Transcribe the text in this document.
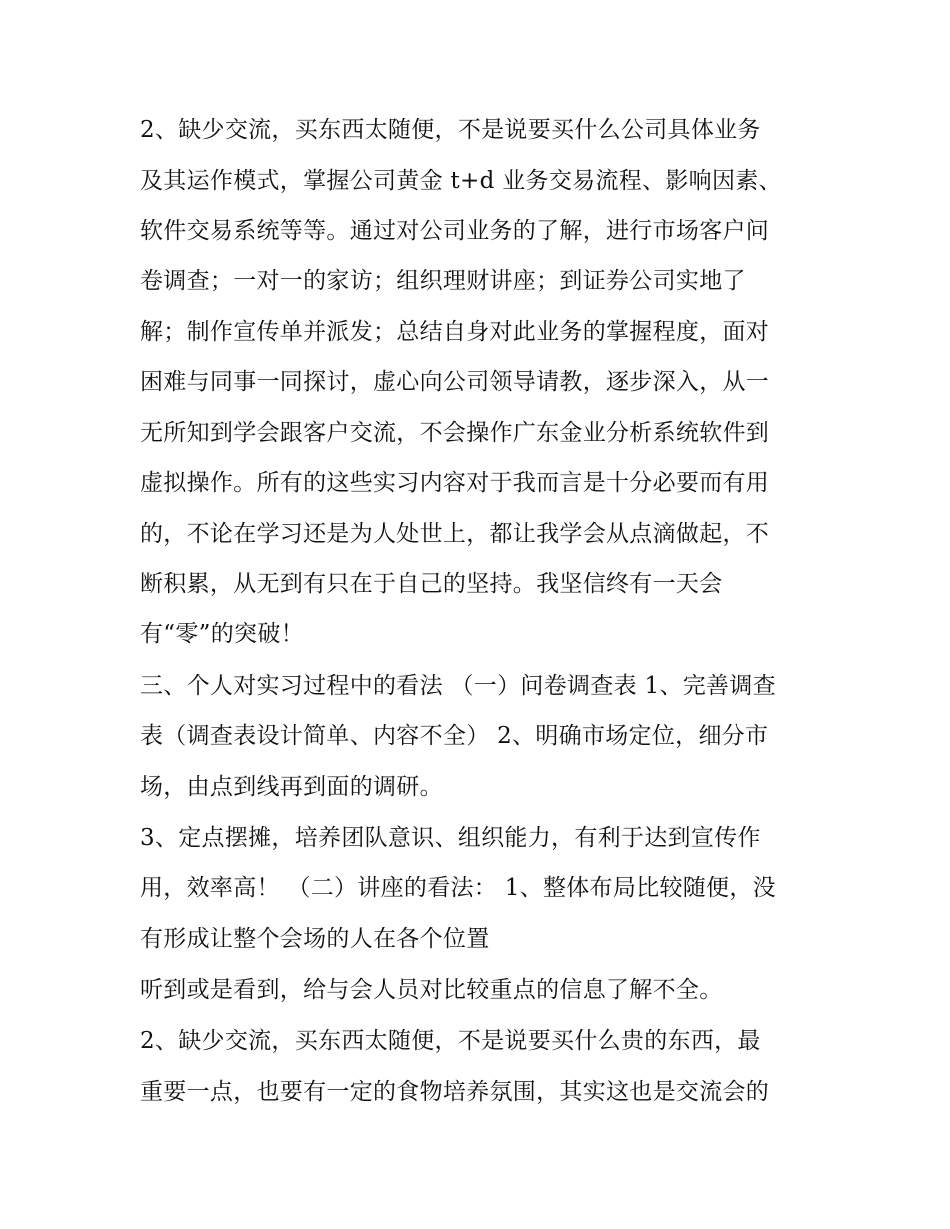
2、缺少交流，买东西太随便，不是说要买什么公司具体业务
及其运作模式，掌握公司黄金 t+d 业务交易流程、影响因素、
软件交易系统等等。通过对公司业务的了解，进行市场客户问
卷调查；一对一的家访；组织理财讲座；到证券公司实地了
解；制作宣传单并派发；总结自身对此业务的掌握程度，面对
困难与同事一同探讨，虚心向公司领导请教，逐步深入，从一
无所知到学会跟客户交流，不会操作广东金业分析系统软件到
虚拟操作。所有的这些实习内容对于我而言是十分必要而有用
的，不论在学习还是为人处世上，都让我学会从点滴做起，不
断积累，从无到有只在于自己的坚持。我坚信终有一天会
有“零”的突破！
三、个人对实习过程中的看法 （一）问卷调查表 1、完善调查
表（调查表设计简单、内容不全） 2、明确市场定位，细分市
场，由点到线再到面的调研。
3、定点摆摊，培养团队意识、组织能力，有利于达到宣传作
用，效率高！ （二）讲座的看法： 1、整体布局比较随便，没
有形成让整个会场的人在各个位置
听到或是看到，给与会人员对比较重点的信息了解不全。
2、缺少交流，买东西太随便，不是说要买什么贵的东西，最
重要一点，也要有一定的食物培养氛围，其实这也是交流会的
